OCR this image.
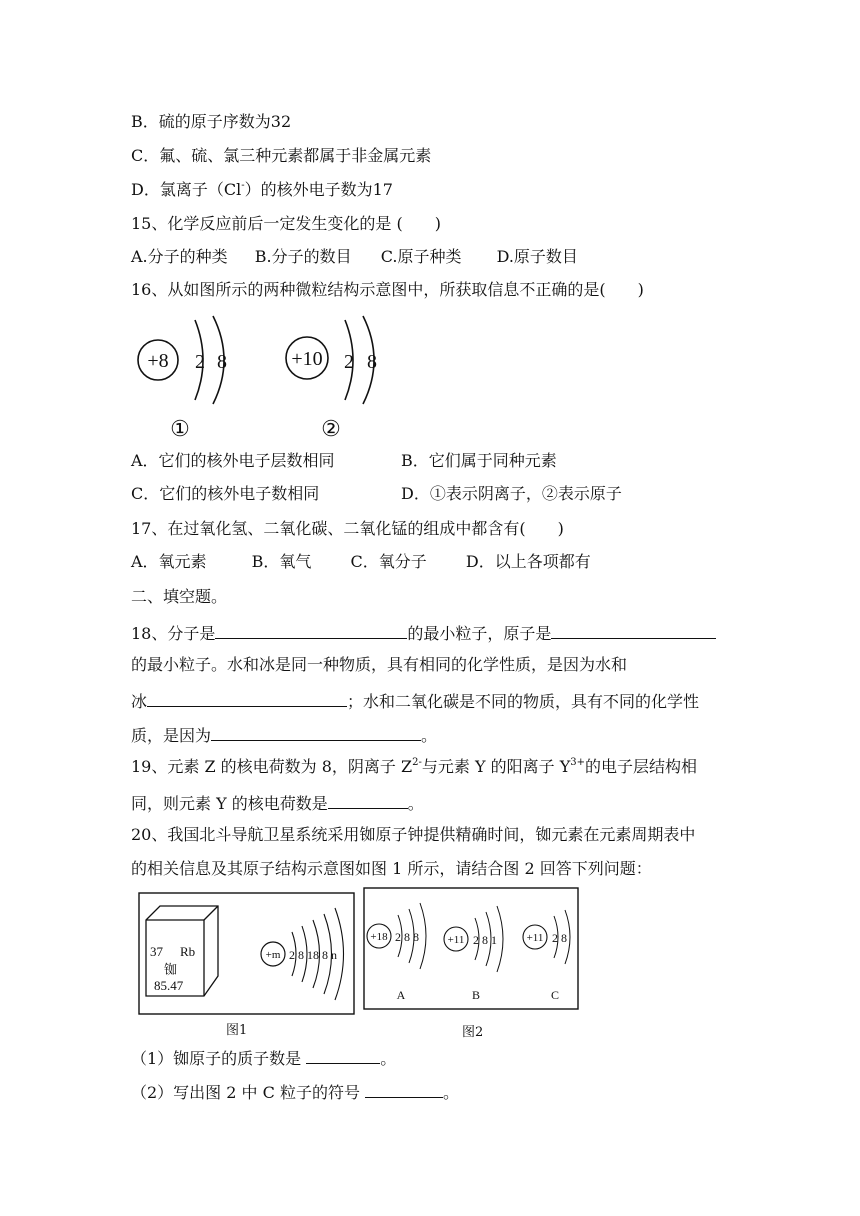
B．硫的原子序数为32
C．氟、硫、氯三种元素都属于非金属元素
D．氯离子（Cl-）的核外电子数为17
15、化学反应前后一定发生变化的是 (　　)
A.分子的种类 B.分子的数目 C.原子种类 D.原子数目
16、从如图所示的两种微粒结构示意图中，所获取信息不正确的是(　　)
+8 2 8
①
+10 2 8
②
A．它们的核外电子层数相同	B．它们属于同种元素
C．它们的核外电子数相同	D．①表示阴离子，②表示原子
17、在过氧化氢、二氧化碳、二氧化锰的组成中都含有(　　)
A．氧元素	B．氧气 C．氧分子 D．以上各项都有
二、填空题。
18、分子是	的最小粒子，原子是
的最小粒子。水和冰是同一种物质，具有相同的化学性质，是因为水和
冰	；水和二氧化碳是不同的物质，具有不同的化学性
质，是因为	。
19、元素 Z 的核电荷数为 8，阴离子 $Z^{2-}$与元素 Y 的阳离子 $Y^{3+}$的电子层结构相
同，则元素 Y 的核电荷数是	。
20、我国北斗导航卫星系统采用铷原子钟提供精确时间，铷元素在元素周期表中
的相关信息及其原子结构示意图如图 1 所示，请结合图 2 回答下列问题：
37 Rb
铷
85.47
+m 2 8 18 8 n
图1
+18 2 8 8
A
+11 2 8 1
B
+11 2 8
C
图2
（1）铷原子的质子数是	。
（2）写出图 2 中 C 粒子的符号	。
